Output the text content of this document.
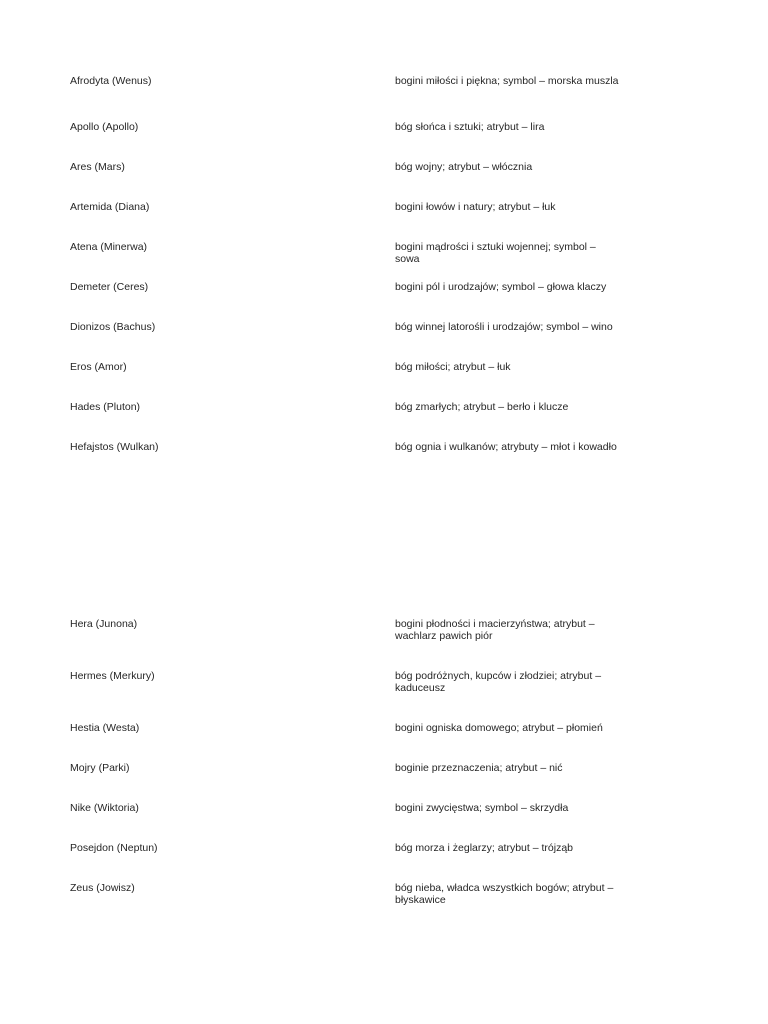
Afrodyta (Wenus)	bogini miłości i piękna; symbol – morska muszla
Apollo (Apollo)	bóg słońca i sztuki; atrybut – lira
Ares (Mars)	bóg wojny; atrybut – włócznia
Artemida (Diana)	bogini łowów i natury; atrybut – łuk
Atena (Minerwa)	bogini mądrości i sztuki wojennej; symbol – sowa
Demeter (Ceres)	bogini pól i urodzajów; symbol – głowa klaczy
Dionizos (Bachus)	bóg winnej latorośli i urodzajów; symbol – wino
Eros (Amor)	bóg miłości; atrybut – łuk
Hades (Pluton)	bóg zmarłych; atrybut – berło i klucze
Hefajstos (Wulkan)	bóg ognia i wulkanów; atrybuty – młot i kowadło
Hera (Junona)	bogini płodności i macierzyństwa; atrybut – wachlarz pawich piór
Hermes (Merkury)	bóg podróżnych, kupców i złodziei; atrybut – kaduceusz
Hestia (Westa)	bogini ogniska domowego; atrybut – płomień
Mojry (Parki)	boginie przeznaczenia; atrybut – nić
Nike (Wiktoria)	bogini zwycięstwa; symbol – skrzydła
Posejdon (Neptun)	bóg morza i żeglarzy; atrybut – trójząb
Zeus (Jowisz)	bóg nieba, władca wszystkich bogów; atrybut – błyskawice
